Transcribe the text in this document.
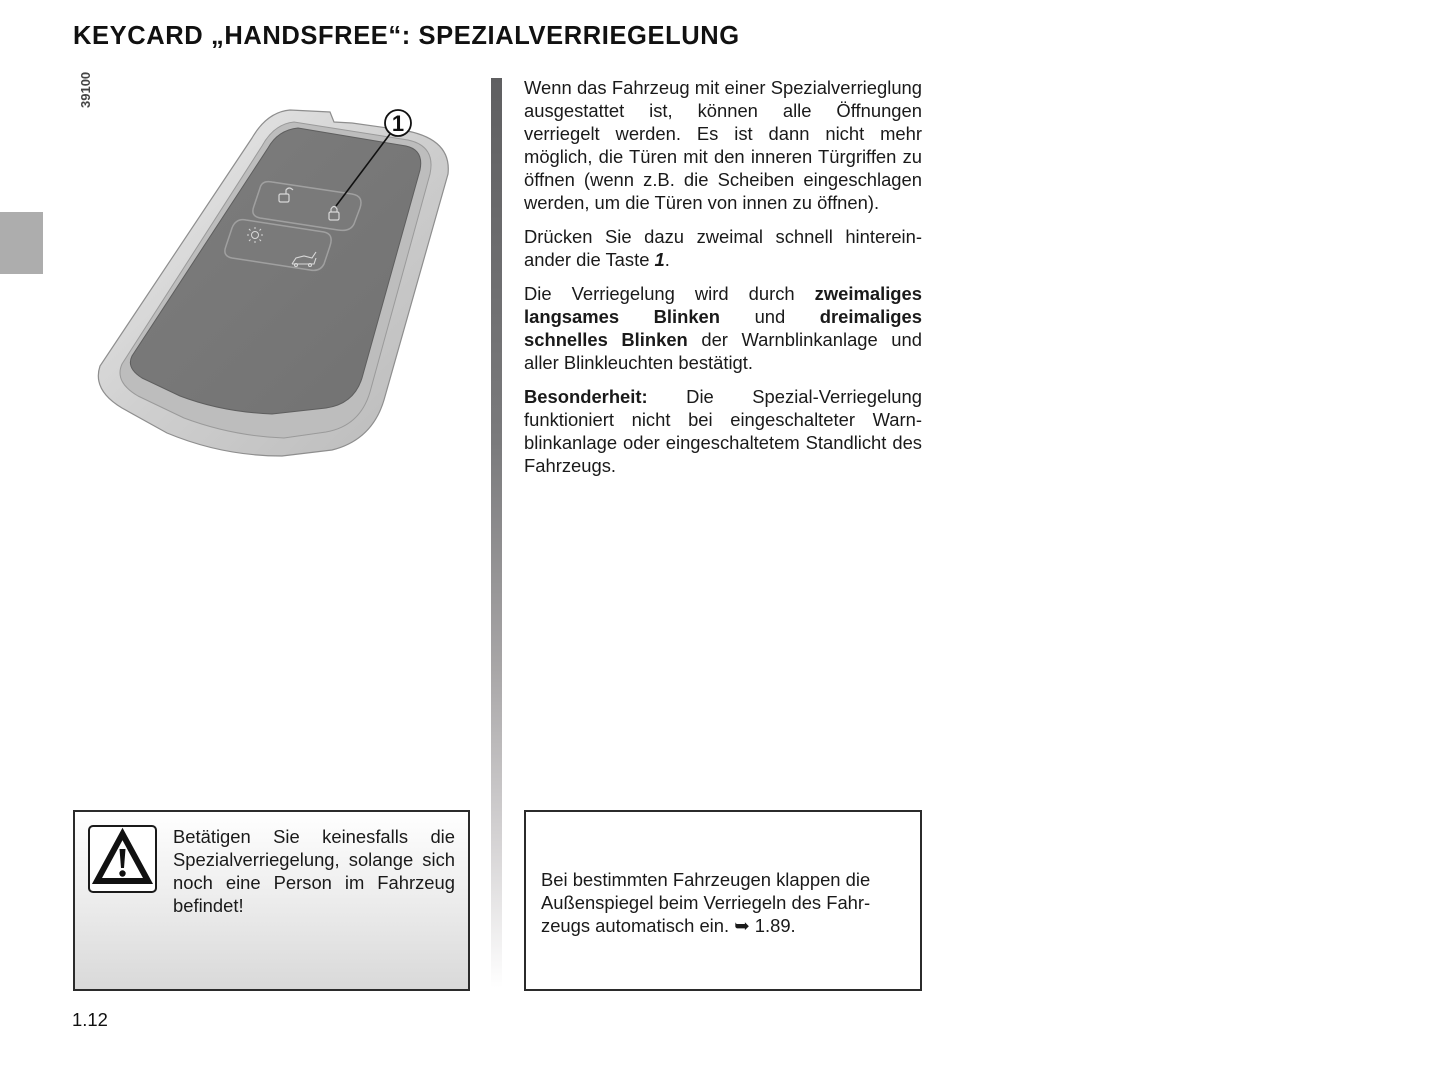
KEYCARD „HANDSFREE“: SPEZIALVERRIEGELUNG
39100
1

Wenn das Fahrzeug mit einer Spezialverrieglung ausgestattet ist, können alle Öffnungen verriegelt werden. Es ist dann nicht mehr möglich, die Türen mit den inneren Türgriffen zu öffnen (wenn z.B. die Scheiben eingeschlagen werden, um die Türen von innen zu öffnen).

Drücken Sie dazu zweimal schnell hintereinander die Taste 1.

Die Verriegelung wird durch zweimaliges langsames Blinken und dreimaliges schnelles Blinken der Warnblinkanlage und aller Blinkleuchten bestätigt.

Besonderheit: Die Spezial-Verriegelung funktioniert nicht bei eingeschalteter Warnblinkanlage oder eingeschaltetem Standlicht des Fahrzeugs.

Betätigen Sie keinesfalls die Spezialverriegelung, solange sich noch eine Person im Fahrzeug befindet!
Bei bestimmten Fahrzeugen klappen die Außenspiegel beim Verriegeln des Fahrzeugs automatisch ein. ➥ 1.89.
1.12
